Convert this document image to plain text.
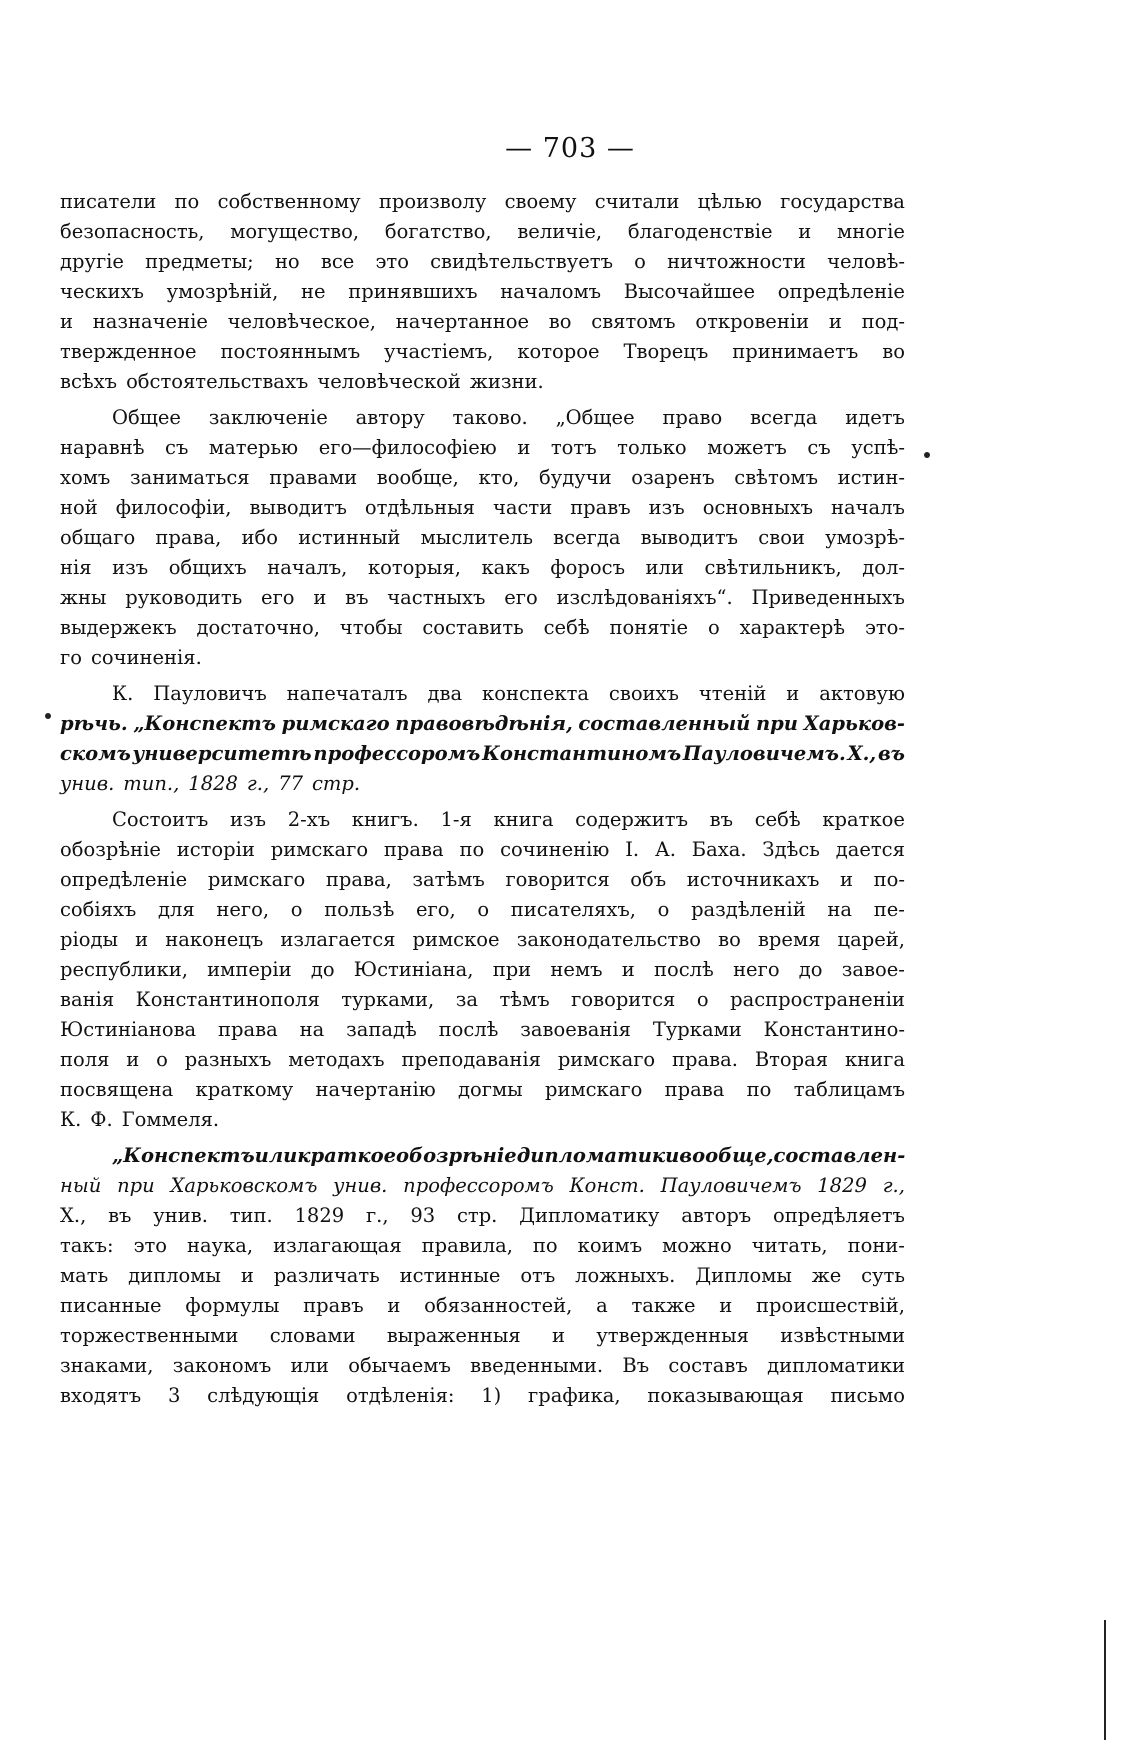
— 703 —
писатели по собственному произволу своему считали цѣлью государства
безопасность, могущество, богатство, величіе, благоденствіе и многіе
другіе предметы; но все это свидѣтельствуетъ о ничтожности человѣ-
ческихъ умозрѣній, не принявшихъ началомъ Высочайшее опредѣленіе
и назначеніе человѣческое, начертанное во святомъ откровеніи и под-
твержденное постояннымъ участіемъ, которое Творецъ принимаетъ во
всѣхъ обстоятельствахъ человѣческой жизни.
Общее заключеніе автору таково. „Общее право всегда идетъ
наравнѣ съ матерью его—философіею и тотъ только можетъ съ успѣ-
хомъ заниматься правами вообще, кто, будучи озаренъ свѣтомъ истин-
ной философіи, выводитъ отдѣльныя части правъ изъ основныхъ началъ
общаго права, ибо истинный мыслитель всегда выводитъ свои умозрѣ-
нія изъ общихъ началъ, которыя, какъ форосъ или свѣтильникъ, дол-
жны руководить его и въ частныхъ его изслѣдованіяхъ“. Приведенныхъ
выдержекъ достаточно, чтобы составить себѣ понятіе о характерѣ это-
го сочиненія.
К. Пауловичъ напечаталъ два конспекта своихъ чтеній и актовую
рѣчь. „Конспектъ римскаго правовѣдѣнія, составленный при Харьков-
скомъ университетѣ профессоромъ Константиномъ Пауловичемъ. Х., въ
унив. тип., 1828 г., 77 стр.
Состоитъ изъ 2-хъ книгъ. 1-я книга содержитъ въ себѣ краткое
обозрѣніе исторіи римскаго права по сочиненію І. А. Баха. Здѣсь дается
опредѣленіе римскаго права, затѣмъ говорится объ источникахъ и по-
собіяхъ для него, о пользѣ его, о писателяхъ, о раздѣленій на пе-
ріоды и наконецъ излагается римское законодательство во время царей,
республики, имперіи до Юстиніана, при немъ и послѣ него до завое-
ванія Константинополя турками, за тѣмъ говорится о распространеніи
Юстиніанова права на западѣ послѣ завоеванія Турками Константино-
поля и о разныхъ методахъ преподаванія римскаго права. Вторая книга
посвящена краткому начертанію догмы римскаго права по таблицамъ
К. Ф. Гоммеля.
„Конспектъ или краткое обозрѣніе дипломатики вообще, составлен-
ный при Харьковскомъ унив. профессоромъ Конст. Пауловичемъ 1829 г.,
Х., въ унив. тип. 1829 г., 93 стр. Дипломатику авторъ опредѣляетъ
такъ: это наука, излагающая правила, по коимъ можно читать, пони-
мать дипломы и различать истинные отъ ложныхъ. Дипломы же суть
писанные формулы правъ и обязанностей, а также и происшествій,
торжественными словами выраженныя и утвержденныя извѣстными
знаками, закономъ или обычаемъ введенными. Въ составъ дипломатики
входятъ 3 слѣдующія отдѣленія: 1) графика, показывающая письмо
